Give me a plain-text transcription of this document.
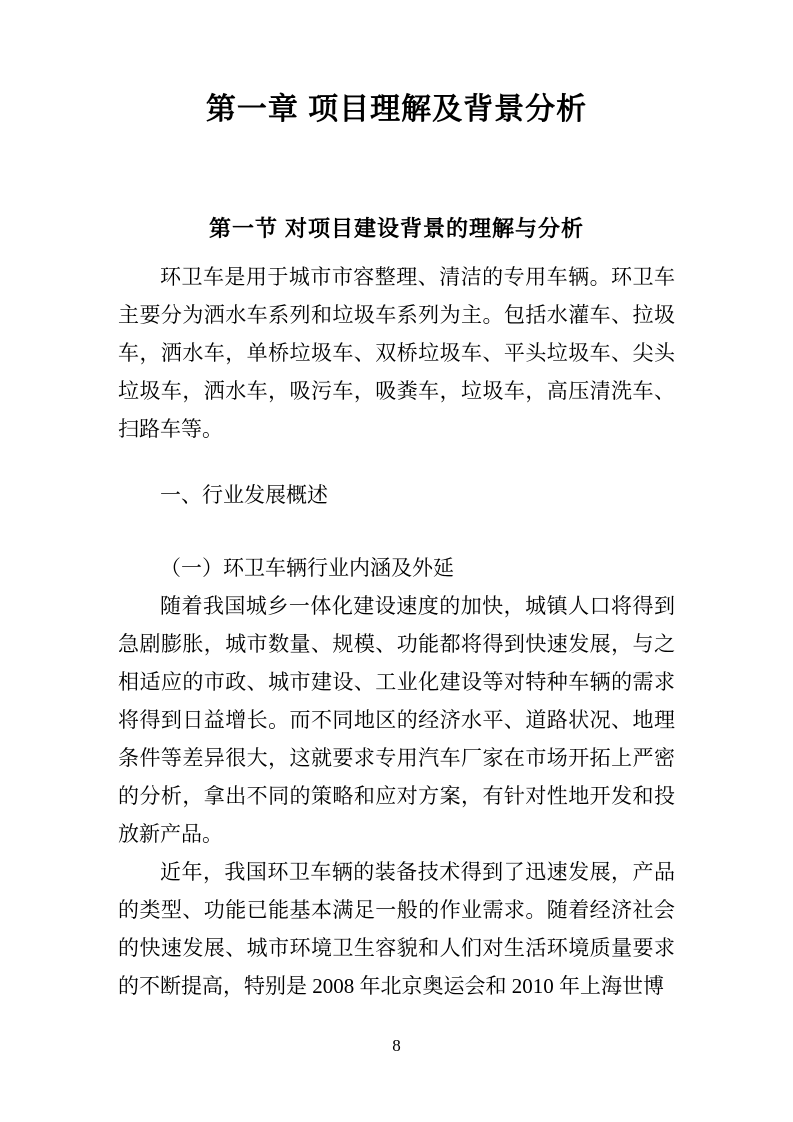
第一章 项目理解及背景分析
第一节 对项目建设背景的理解与分析

环卫车是用于城市市容整理、清洁的专用车辆。环卫车主要分为洒水车系列和垃圾车系列为主。包括水灌车、拉圾车，洒水车，单桥垃圾车、双桥垃圾车、平头垃圾车、尖头垃圾车，洒水车，吸污车，吸粪车，垃圾车，高压清洗车、扫路车等。

一、行业发展概述

（一）环卫车辆行业内涵及外延

随着我国城乡一体化建设速度的加快，城镇人口将得到急剧膨胀，城市数量、规模、功能都将得到快速发展，与之相适应的市政、城市建设、工业化建设等对特种车辆的需求将得到日益增长。而不同地区的经济水平、道路状况、地理条件等差异很大，这就要求专用汽车厂家在市场开拓上严密的分析，拿出不同的策略和应对方案，有针对性地开发和投放新产品。

近年，我国环卫车辆的装备技术得到了迅速发展，产品的类型、功能已能基本满足一般的作业需求。随着经济社会的快速发展、城市环境卫生容貌和人们对生活环境质量要求的不断提高，特别是 2008 年北京奥运会和 2010 年上海世博

8
